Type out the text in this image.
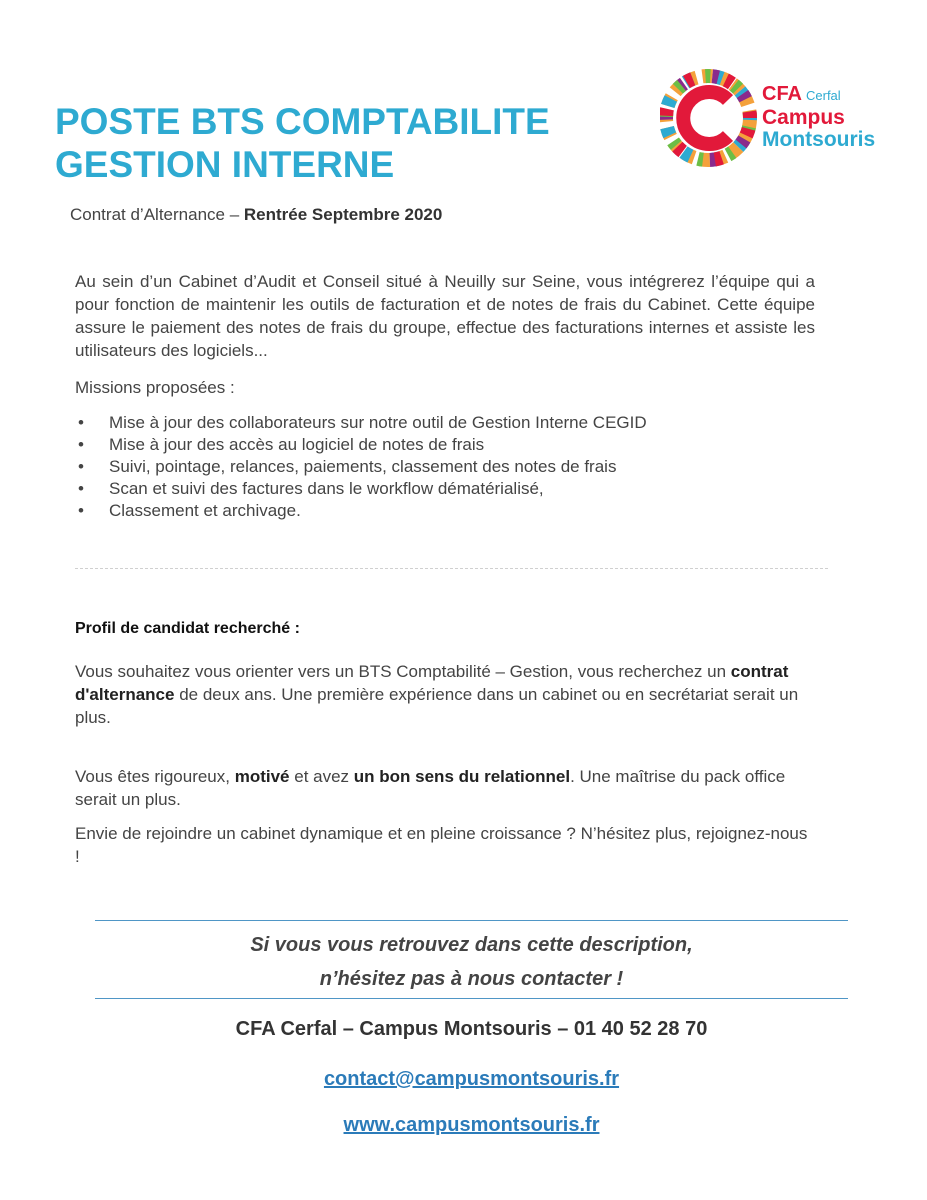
POSTE BTS COMPTABILITE
GESTION INTERNE
Contrat d’Alternance – Rentrée Septembre 2020
CFA Cerfal
Campus
Montsouris
Au sein d’un Cabinet d’Audit et Conseil situé à Neuilly sur Seine, vous intégrerez l’équipe qui a pour fonction de maintenir les outils de facturation et de notes de frais du Cabinet. Cette équipe assure le paiement des notes de frais du groupe, effectue des facturations internes et assiste les utilisateurs des logiciels...
Missions proposées :
• Mise à jour des collaborateurs sur notre outil de Gestion Interne CEGID
• Mise à jour des accès au logiciel de notes de frais
• Suivi, pointage, relances, paiements, classement des notes de frais
• Scan et suivi des factures dans le workflow dématérialisé,
• Classement et archivage.
Profil de candidat recherché :
Vous souhaitez vous orienter vers un BTS Comptabilité – Gestion, vous recherchez un contrat d'alternance de deux ans. Une première expérience dans un cabinet ou en secrétariat serait un plus.
Vous êtes rigoureux, motivé et avez un bon sens du relationnel. Une maîtrise du pack office serait un plus.
Envie de rejoindre un cabinet dynamique et en pleine croissance ? N’hésitez plus, rejoignez-nous !
Si vous vous retrouvez dans cette description,
n’hésitez pas à nous contacter !
CFA Cerfal – Campus Montsouris – 01 40 52 28 70
contact@campusmontsouris.fr
www.campusmontsouris.fr
